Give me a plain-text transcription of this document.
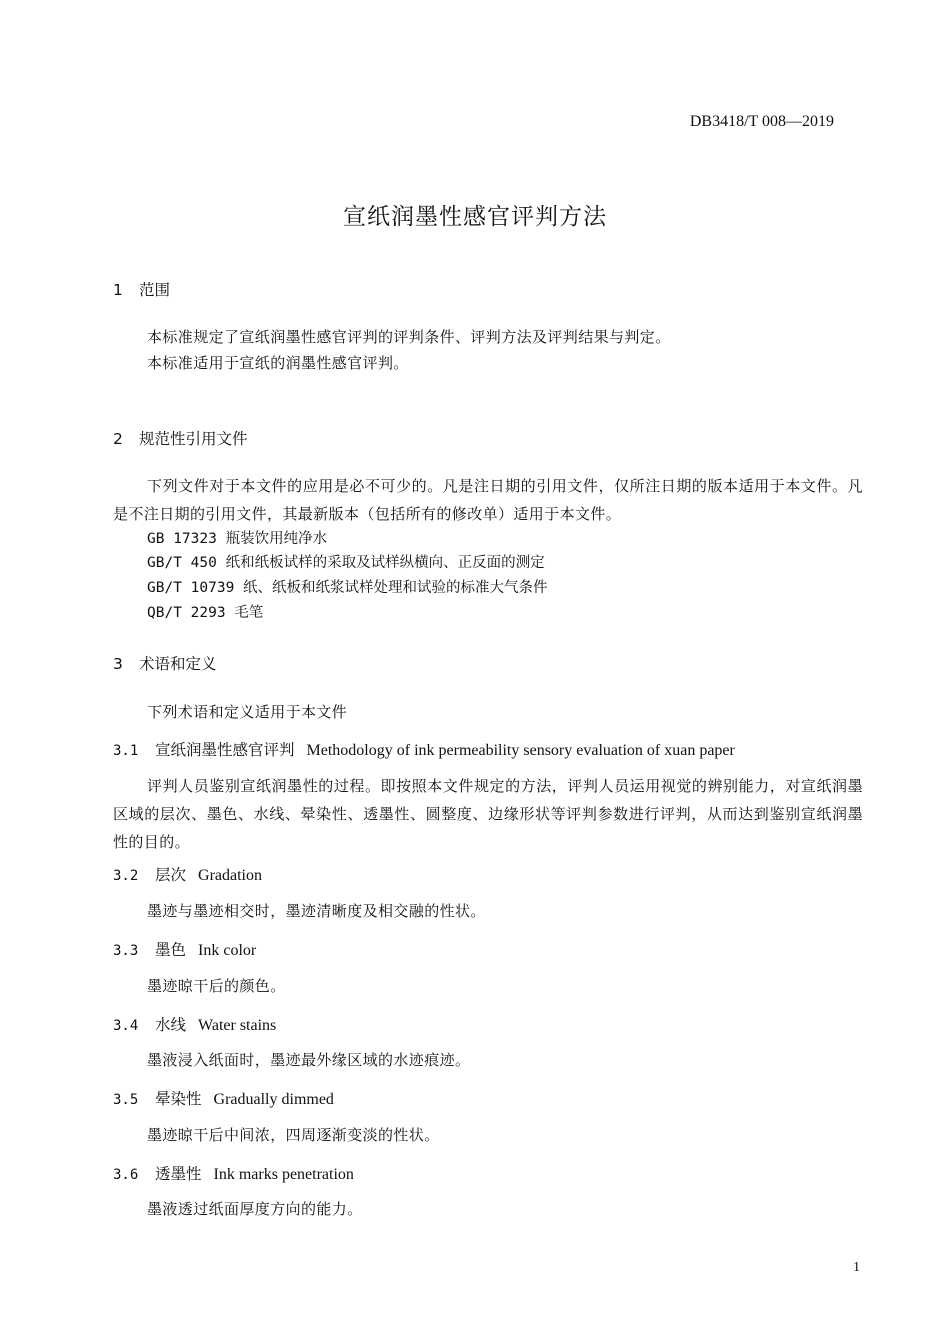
DB3418/T 008—2019
宣纸润墨性感官评判方法
1 范围
本标准规定了宣纸润墨性感官评判的评判条件、评判方法及评判结果与判定。
本标准适用于宣纸的润墨性感官评判。
2 规范性引用文件
下列文件对于本文件的应用是必不可少的。凡是注日期的引用文件，仅所注日期的版本适用于本文件。凡是不注日期的引用文件，其最新版本（包括所有的修改单）适用于本文件。
GB 17323 瓶装饮用纯净水
GB/T 450 纸和纸板试样的采取及试样纵横向、正反面的测定
GB/T 10739 纸、纸板和纸浆试样处理和试验的标准大气条件
QB/T 2293 毛笔
3 术语和定义
下列术语和定义适用于本文件
3.1 宣纸润墨性感官评判 Methodology of ink permeability sensory evaluation of xuan paper
评判人员鉴别宣纸润墨性的过程。即按照本文件规定的方法，评判人员运用视觉的辨别能力，对宣纸润墨区域的层次、墨色、水线、晕染性、透墨性、圆整度、边缘形状等评判参数进行评判，从而达到鉴别宣纸润墨性的目的。
3.2 层次 Gradation
墨迹与墨迹相交时，墨迹清晰度及相交融的性状。
3.3 墨色 Ink color
墨迹晾干后的颜色。
3.4 水线 Water stains
墨液浸入纸面时，墨迹最外缘区域的水迹痕迹。
3.5 晕染性 Gradually dimmed
墨迹晾干后中间浓，四周逐渐变淡的性状。
3.6 透墨性 Ink marks penetration
墨液透过纸面厚度方向的能力。
1
